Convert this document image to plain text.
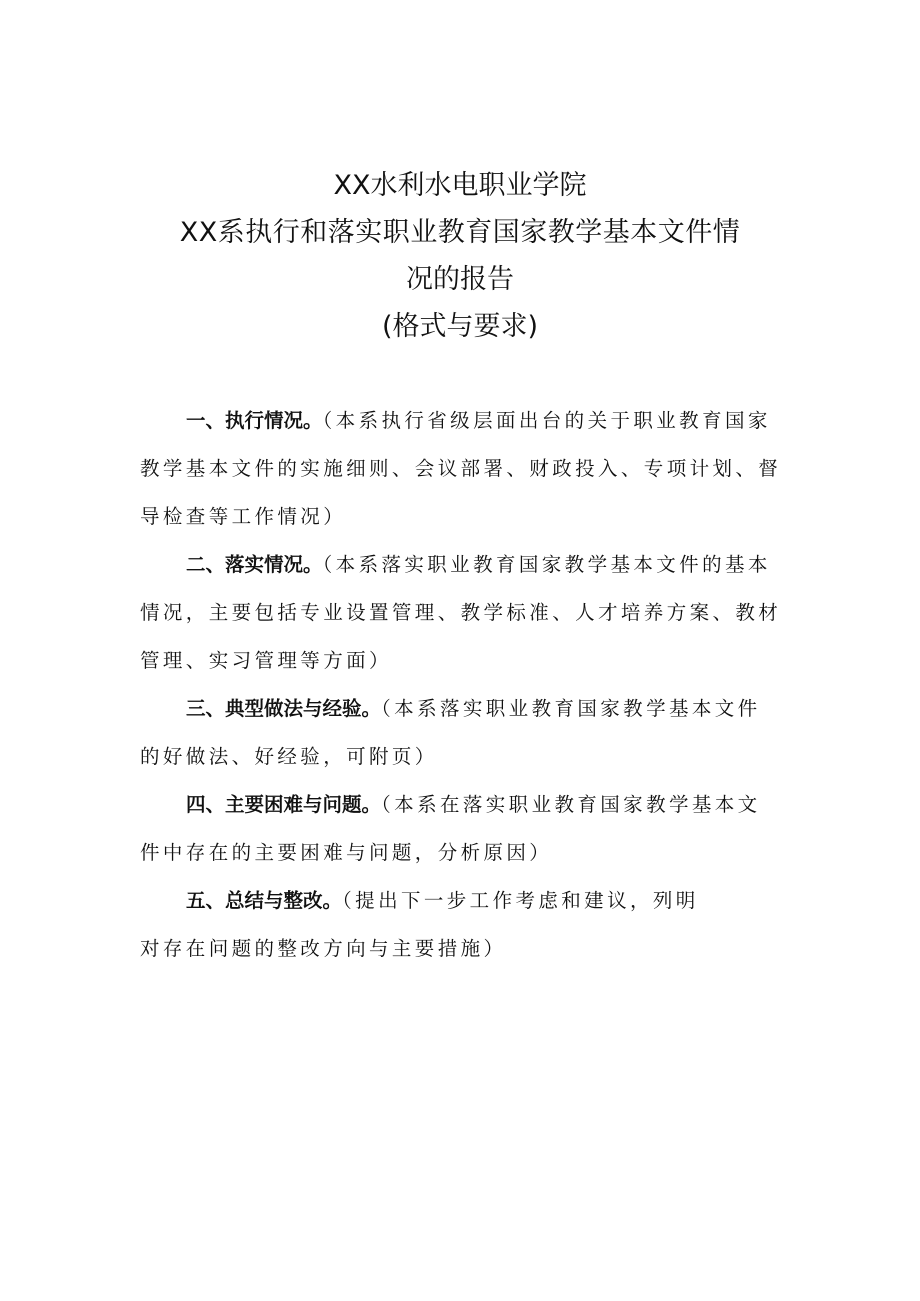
XX水利水电职业学院
XX系执行和落实职业教育国家教学基本文件情
况的报告
(格式与要求)
一、执行情况。（本系执行省级层面出台的关于职业教育国家
教学基本文件的实施细则、会议部署、财政投入、专项计划、督
导检查等工作情况）
二、落实情况。（本系落实职业教育国家教学基本文件的基本
情况，主要包括专业设置管理、教学标准、人才培养方案、教材
管理、实习管理等方面）
三、典型做法与经验。（本系落实职业教育国家教学基本文件
的好做法、好经验，可附页）
四、主要困难与问题。（本系在落实职业教育国家教学基本文
件中存在的主要困难与问题，分析原因）
五、总结与整改。（提出下一步工作考虑和建议，列明
对存在问题的整改方向与主要措施）
